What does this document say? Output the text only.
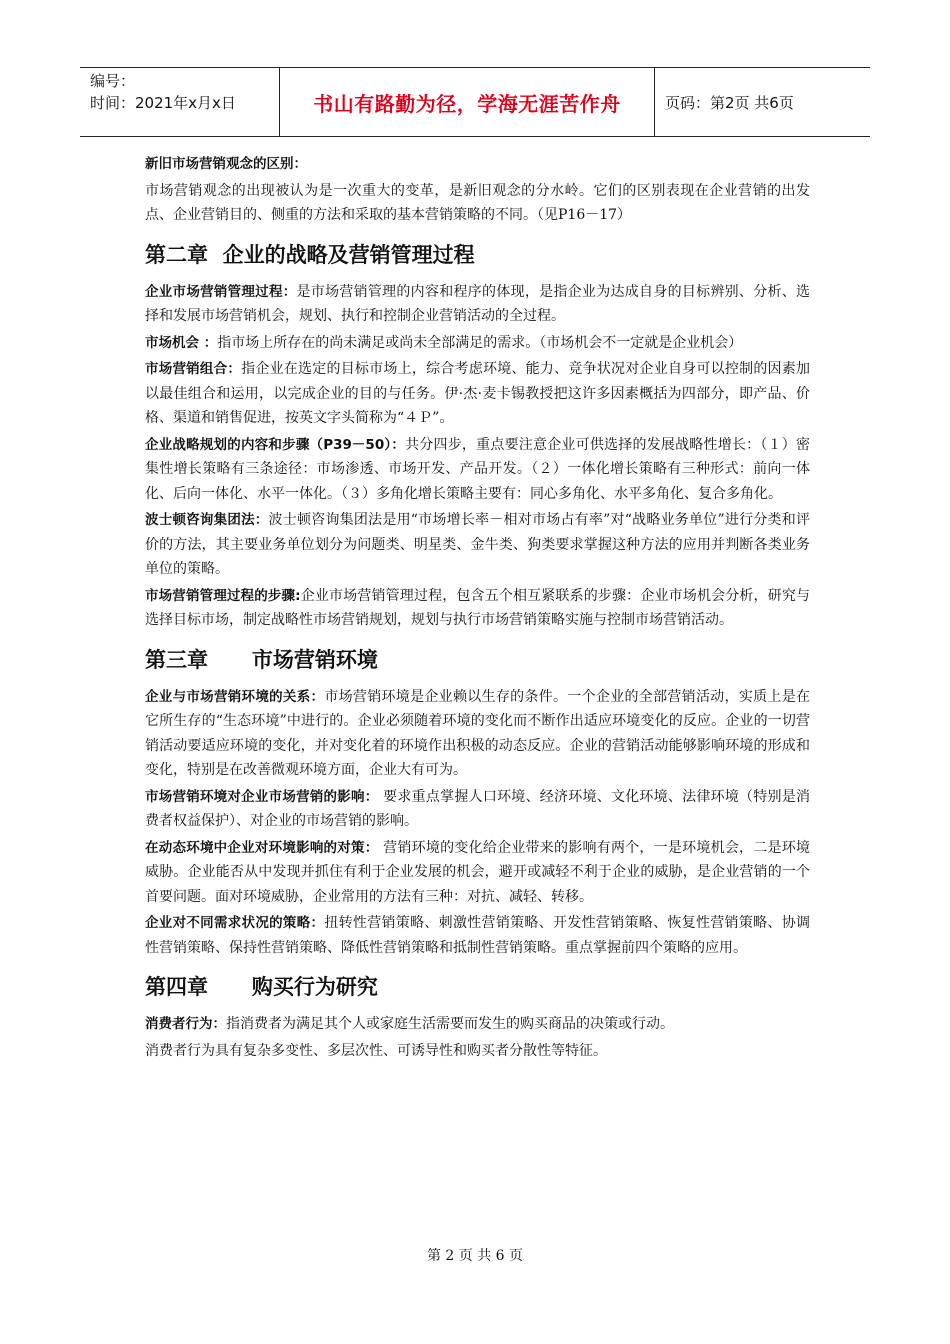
编号：
时间：2021年x月x日	书山有路勤为径，学海无涯苦作舟	页码：第2页 共6页

新旧市场营销观念的区别：

市场营销观念的出现被认为是一次重大的变革，是新旧观念的分水岭。它们的区别表现在企业营销的出发点、企业营销目的、侧重的方法和采取的基本营销策略的不同。（见P16－17）

第二章  企业的战略及营销管理过程

企业市场营销管理过程：是市场营销管理的内容和程序的体现，是指企业为达成自身的目标辨别、分析、选择和发展市场营销机会，规划、执行和控制企业营销活动的全过程。

市场机会 ：指市场上所存在的尚未满足或尚未全部满足的需求。（市场机会不一定就是企业机会）

市场营销组合：指企业在选定的目标市场上，综合考虑环境、能力、竞争状况对企业自身可以控制的因素加以最佳组合和运用，以完成企业的目的与任务。伊·杰·麦卡锡教授把这许多因素概括为四部分，即产品、价格、渠道和销售促进，按英文字头简称为“４Ｐ”。

企业战略规划的内容和步骤（P39－50）：共分四步，重点要注意企业可供选择的发展战略性增长：（１）密集性增长策略有三条途径：市场渗透、市场开发、产品开发。（２）一体化增长策略有三种形式：前向一体化、后向一体化、水平一体化。（３）多角化增长策略主要有：同心多角化、水平多角化、复合多角化。

波士顿咨询集团法：波士顿咨询集团法是用“市场增长率－相对市场占有率”对“战略业务单位”进行分类和评价的方法，其主要业务单位划分为问题类、明星类、金牛类、狗类要求掌握这种方法的应用并判断各类业务单位的策略。

市场营销管理过程的步骤:企业市场营销管理过程，包含五个相互紧联系的步骤：企业市场机会分析，研究与选择目标市场，制定战略性市场营销规划，规划与执行市场营销策略实施与控制市场营销活动。

第三章      市场营销环境

企业与市场营销环境的关系：市场营销环境是企业赖以生存的条件。一个企业的全部营销活动，实质上是在它所生存的“生态环境”中进行的。企业必须随着环境的变化而不断作出适应环境变化的反应。企业的一切营销活动要适应环境的变化，并对变化着的环境作出积极的动态反应。企业的营销活动能够影响环境的形成和变化，特别是在改善微观环境方面，企业大有可为。

市场营销环境对企业市场营销的影响： 要求重点掌握人口环境、经济环境、文化环境、法律环境（特别是消费者权益保护）、对企业的市场营销的影响。

在动态环境中企业对环境影响的对策： 营销环境的变化给企业带来的影响有两个，一是环境机会，二是环境威胁。企业能否从中发现并抓住有利于企业发展的机会，避开或减轻不利于企业的威胁，是企业营销的一个首要问题。面对环境威胁，企业常用的方法有三种：对抗、减轻、转移。

企业对不同需求状况的策略：扭转性营销策略、刺激性营销策略、开发性营销策略、恢复性营销策略、协调性营销策略、保持性营销策略、降低性营销策略和抵制性营销策略。重点掌握前四个策略的应用。

第四章      购买行为研究

消费者行为：指消费者为满足其个人或家庭生活需要而发生的购买商品的决策或行动。

消费者行为具有复杂多变性、多层次性、可诱导性和购买者分散性等特征。

第 2 页 共 6 页
